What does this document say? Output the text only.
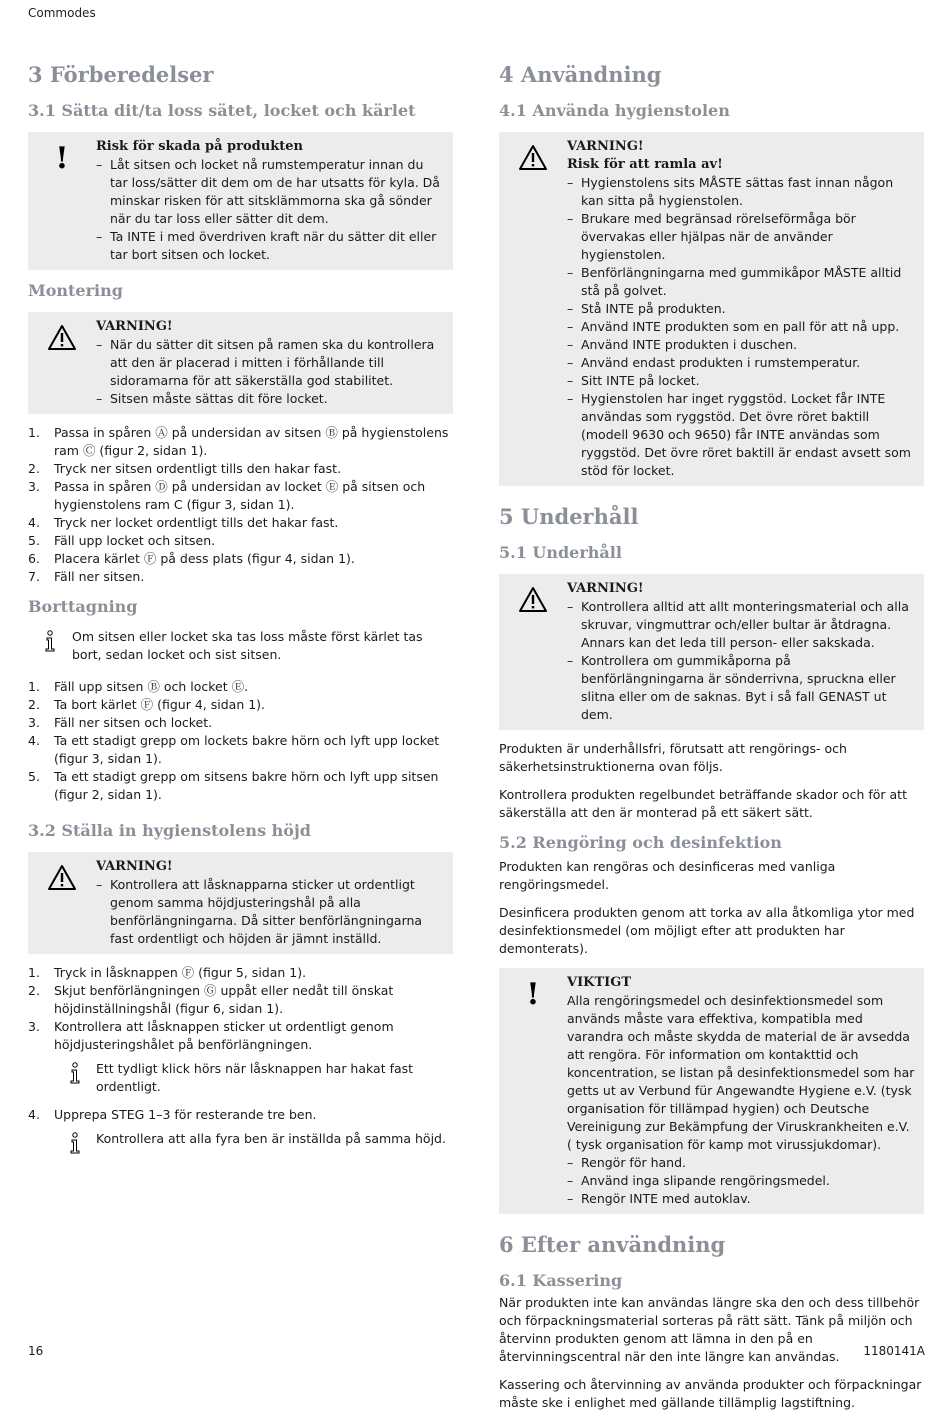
Commodes
3 Förberedelser
3.1 Sätta dit/ta loss sätet, locket och kärlet
! Risk för skada på produkten
– Låt sitsen och locket nå rumstemperatur innan du tar loss/sätter dit dem om de har utsatts för kyla. Då minskar risken för att sitsklämmorna ska gå sönder när du tar loss eller sätter dit dem.
– Ta INTE i med överdriven kraft när du sätter dit eller tar bort sitsen och locket.
Montering
VARNING!
– När du sätter dit sitsen på ramen ska du kontrollera att den är placerad i mitten i förhållande till sidoramarna för att säkerställa god stabilitet.
– Sitsen måste sättas dit före locket.
1.	Passa in spåren Ⓐ på undersidan av sitsen Ⓑ på hygienstolens ram Ⓒ (figur 2, sidan 1).
2.	Tryck ner sitsen ordentligt tills den hakar fast.
3.	Passa in spåren Ⓓ på undersidan av locket Ⓔ på sitsen och hygienstolens ram C (figur 3, sidan 1).
4.	Tryck ner locket ordentligt tills det hakar fast.
5.	Fäll upp locket och sitsen.
6.	Placera kärlet Ⓕ på dess plats (figur 4, sidan 1).
7.	Fäll ner sitsen.
Borttagning
Om sitsen eller locket ska tas loss måste först kärlet tas bort, sedan locket och sist sitsen.
1.	Fäll upp sitsen Ⓑ och locket Ⓔ.
2.	Ta bort kärlet Ⓕ (figur 4, sidan 1).
3.	Fäll ner sitsen och locket.
4.	Ta ett stadigt grepp om lockets bakre hörn och lyft upp locket (figur 3, sidan 1).
5.	Ta ett stadigt grepp om sitsens bakre hörn och lyft upp sitsen (figur 2, sidan 1).
3.2 Ställa in hygienstolens höjd
VARNING!
– Kontrollera att låsknapparna sticker ut ordentligt genom samma höjdjusteringshål på alla benförlängningarna. Då sitter benförlängningarna fast ordentligt och höjden är jämnt inställd.
1.	Tryck in låsknappen Ⓕ (figur 5, sidan 1).
2.	Skjut benförlängningen Ⓖ uppåt eller nedåt till önskat höjdinställningshål (figur 6, sidan 1).
3.	Kontrollera att låsknappen sticker ut ordentligt genom höjdjusteringshålet på benförlängningen.
Ett tydligt klick hörs när låsknappen har hakat fast ordentligt.
4.	Upprepa STEG 1–3 för resterande tre ben.
Kontrollera att alla fyra ben är inställda på samma höjd.
4 Användning
4.1 Använda hygienstolen
VARNING!
Risk för att ramla av!
– Hygienstolens sits MÅSTE sättas fast innan någon kan sitta på hygienstolen.
– Brukare med begränsad rörelseförmåga bör övervakas eller hjälpas när de använder hygienstolen.
– Benförlängningarna med gummikåpor MÅSTE alltid stå på golvet.
– Stå INTE på produkten.
– Använd INTE produkten som en pall för att nå upp.
– Använd INTE produkten i duschen.
– Använd endast produkten i rumstemperatur.
– Sitt INTE på locket.
– Hygienstolen har inget ryggstöd. Locket får INTE användas som ryggstöd. Det övre röret baktill (modell 9630 och 9650) får INTE användas som ryggstöd. Det övre röret baktill är endast avsett som stöd för locket.
5 Underhåll
5.1 Underhåll
VARNING!
– Kontrollera alltid att allt monteringsmaterial och alla skruvar, vingmuttrar och/eller bultar är åtdragna. Annars kan det leda till person- eller sakskada.
– Kontrollera om gummikåporna på benförlängningarna är sönderrivna, spruckna eller slitna eller om de saknas. Byt i så fall GENAST ut dem.

Produkten är underhållsfri, förutsatt att rengörings- och säkerhetsinstruktionerna ovan följs.

Kontrollera produkten regelbundet beträffande skador och för att säkerställa att den är monterad på ett säkert sätt.

5.2 Rengöring och desinfektion

Produkten kan rengöras och desinficeras med vanliga rengöringsmedel.

Desinficera produkten genom att torka av alla åtkomliga ytor med desinfektionsmedel (om möjligt efter att produkten har demonterats).

! VIKTIGT
Alla rengöringsmedel och desinfektionsmedel som används måste vara effektiva, kompatibla med varandra och måste skydda de material de är avsedda att rengöra. För information om kontakttid och koncentration, se listan på desinfektionsmedel som har getts ut av Verbund für Angewandte Hygiene e.V. (tysk organisation för tillämpad hygien) och Deutsche Vereinigung zur Bekämpfung der Viruskrankheiten e.V. ( tysk organisation för kamp mot virussjukdomar).
– Rengör för hand.
– Använd inga slipande rengöringsmedel.
– Rengör INTE med autoklav.
6 Efter användning
6.1 Kassering

När produkten inte kan användas längre ska den och dess tillbehör och förpackningsmaterial sorteras på rätt sätt. Tänk på miljön och återvinn produkten genom att lämna in den på en återvinningscentral när den inte längre kan användas.

Kassering och återvinning av använda produkter och förpackningar måste ske i enlighet med gällande tillämplig lagstiftning.

16	1180141A
